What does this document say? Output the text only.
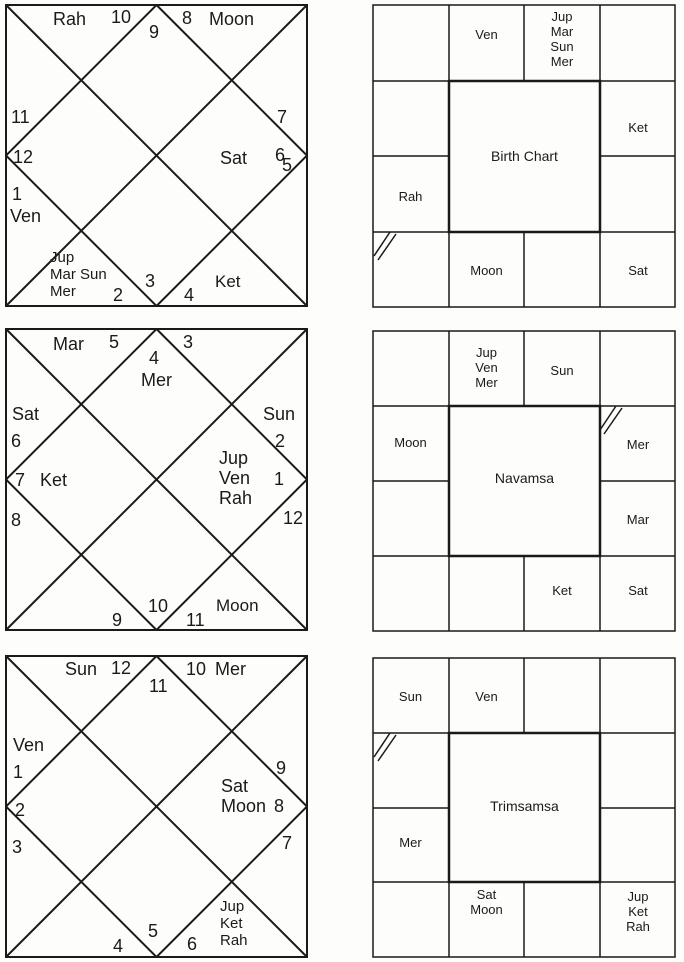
Rah 10
9
8 Moon
11	7
12	Sat 6
5
1
Ven
Jup
Mar Sun
Mer	2
3
4
Ket
Mar 5
4
Mer
3
Sat	Sun
6	2
7 Ket
Jup
Ven
Rah
1
8	12
9
10
11
Moon
Sun 12
11
10 Mer
Ven
1	9
Sat
Moon 8
2
3	7
4
5
6
Jup
Ket
Rah
Ven
Jup
Mar
Sun
Mer
Ket
Rah
Moon	Sat
Birth Chart
Jup
Ven
Mer
Sun
Moon	Mer
Mar
Ket	Sat
Navamsa
Sun	Ven
Mer
Sat
Moon
Jup
Ket
Rah
Trimsamsa
